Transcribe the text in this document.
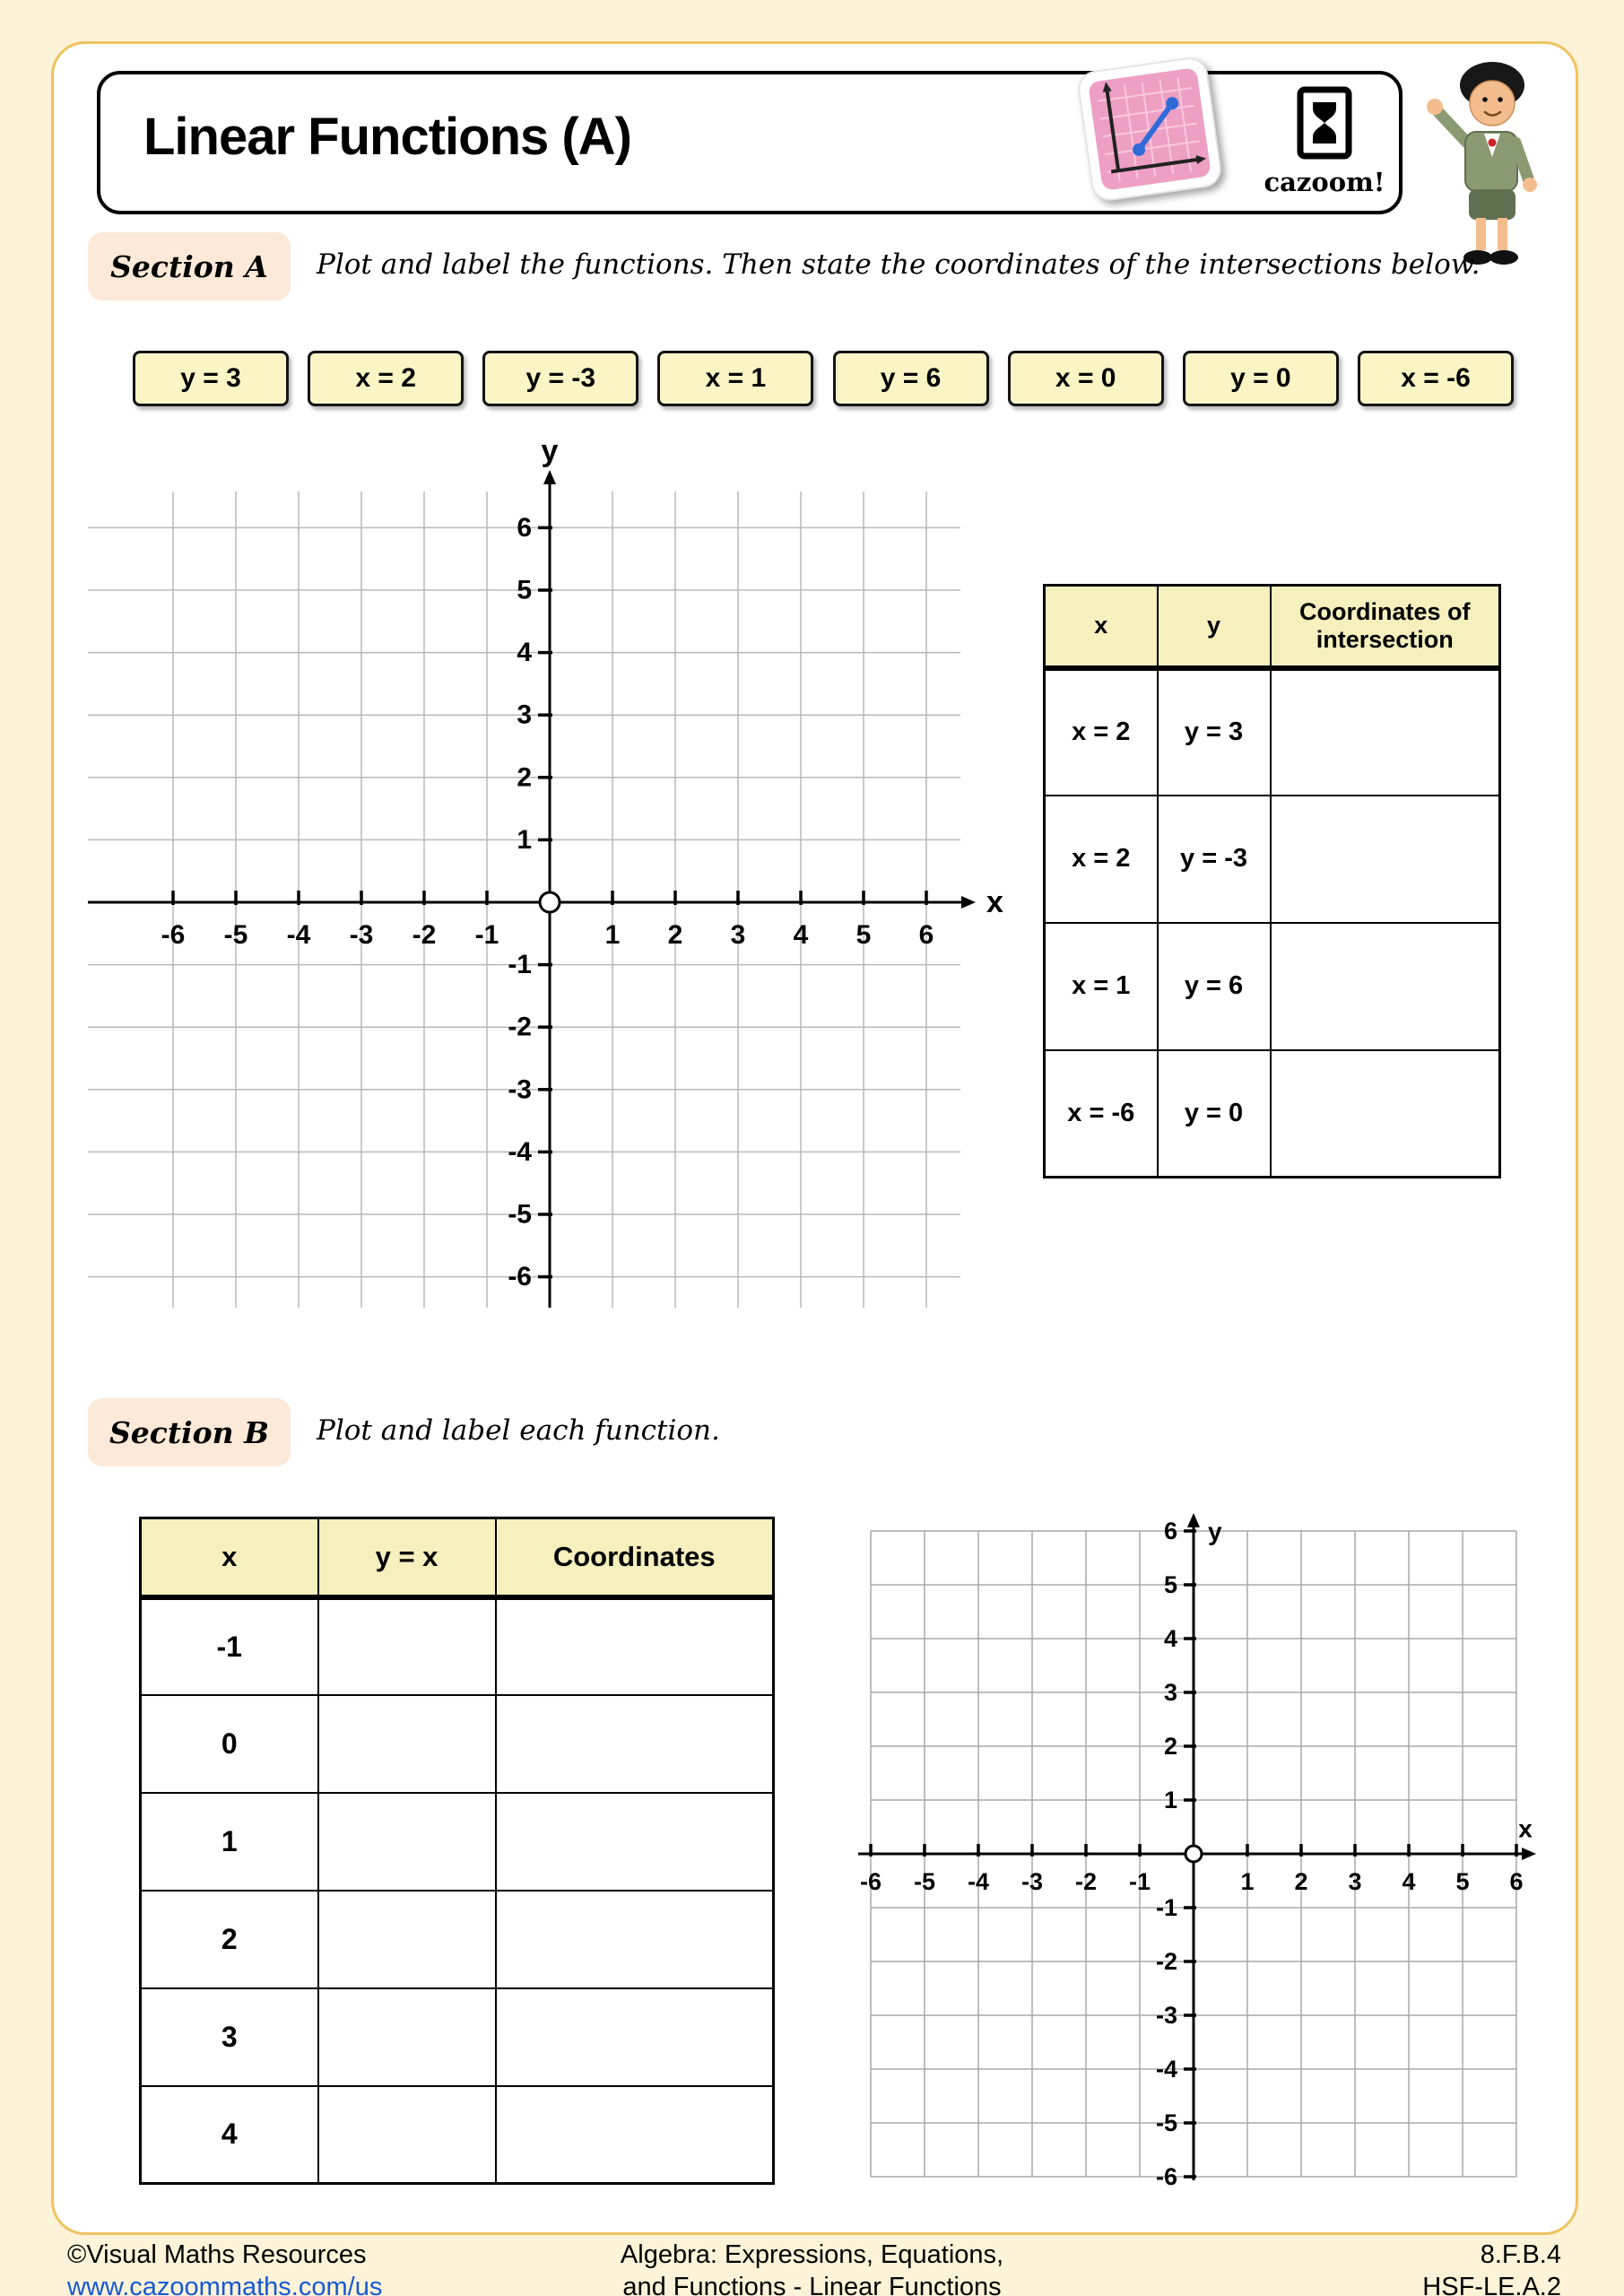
Linear Functions (A)
cazoom!
Section A	Plot and label the functions. Then state the coordinates of the intersections below.
y = 3	x = 2	y = -3	x = 1	y = 6	x = 0	y = 0	x = -6
-6
-6
-5
-5
-4
-4
-3
-3
-2
-2
-1
-1
1
1
2
2
3
3
4
4
5
5
6
6
x
y
x	y	Coordinates of intersection
x = 2	y = 3	
x = 2	y = -3	
x = 1	y = 6	
x = -6	y = 0	
Section B	Plot and label each function.
x	y = x	Coordinates
-1		
0		
1		
2		
3		
4		
-6
-6
-5
-5
-4
-4
-3
-3
-2
-2
-1
-1
1
1
2
2
3
3
4
4
5
5
6
6
x
y
©Visual Maths Resources
www.cazoommaths.com/us
Algebra: Expressions, Equations,
and Functions - Linear Functions
8.F.B.4
HSF-LE.A.2
